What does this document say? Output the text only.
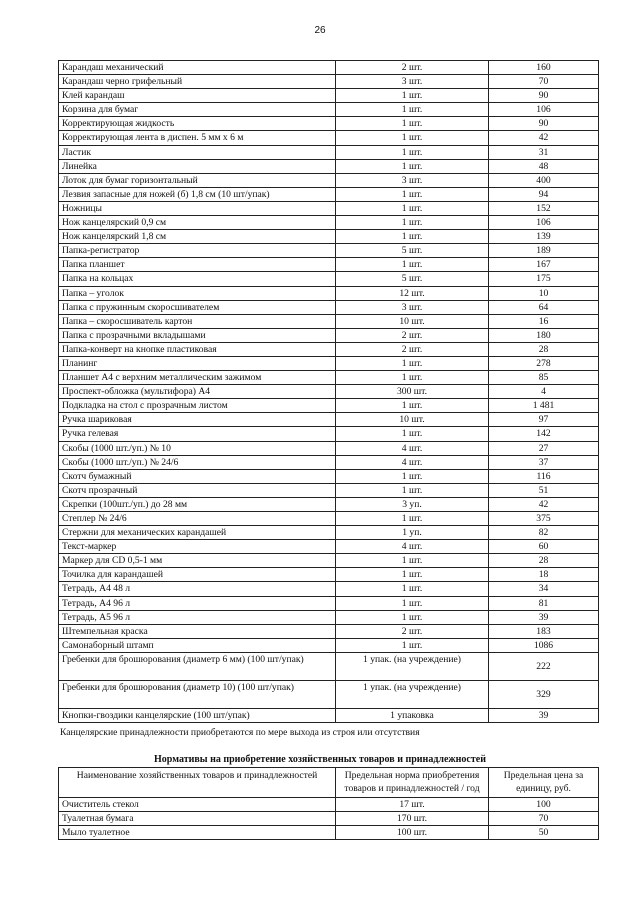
26
Карандаш механический	2 шт.	160
Карандаш черно грифельный	3 шт.	70
Клей карандаш	1 шт.	90
Корзина для бумаг	1 шт.	106
Корректирующая жидкость	1 шт.	90
Корректирующая лента в диспен. 5 мм х 6 м	1 шт.	42
Ластик	1 шт.	31
Линейка	1 шт.	48
Лоток для бумаг горизонтальный	3 шт.	400
Лезвия запасные для ножей (б) 1,8 см (10 шт/упак)	1 шт.	94
Ножницы	1 шт.	152
Нож канцелярский 0,9 см	1 шт.	106
Нож канцелярский 1,8 см	1 шт.	139
Папка-регистратор	5 шт.	189
Папка планшет	1 шт.	167
Папка на кольцах	5 шт.	175
Папка – уголок	12 шт.	10
Папка с пружинным скоросшивателем	3 шт.	64
Папка – скоросшиватель картон	10 шт.	16
Папка с прозрачными вкладышами	2 шт.	180
Папка-конверт на кнопке пластиковая	2 шт.	28
Планинг	1 шт.	278
Планшет А4 с верхним металлическим зажимом	1 шт.	85
Проспект-обложка (мультифора) А4	300 шт.	4
Подкладка на стол с прозрачным листом	1 шт.	1 481
Ручка шариковая	10 шт.	97
Ручка гелевая	1 шт.	142
Скобы (1000 шт./уп.) № 10	4 шт.	27
Скобы (1000 шт./уп.) № 24/6	4 шт.	37
Скотч бумажный	1 шт.	116
Скотч прозрачный	1 шт.	51
Скрепки (100шт./уп.) до 28 мм	3 уп.	42
Степлер № 24/6	1 шт.	375
Стержни для механических карандашей	1 уп.	82
Текст-маркер	4 шт.	60
Маркер для CD 0,5-1 мм	1 шт.	28
Точилка для карандашей	1 шт.	18
Тетрадь, А4 48 л	1 шт.	34
Тетрадь, А4 96 л	1 шт.	81
Тетрадь, А5 96 л	1 шт.	39
Штемпельная краска	2 шт.	183
Самонаборный штамп	1 шт.	1086
Гребенки для брошюрования (диаметр 6 мм) (100 шт/упак)	1 упак. (на учреждение)	222
Гребенки для брошюрования (диаметр 10) (100 шт/упак)	1 упак. (на учреждение)	329
Кнопки-гвоздики канцелярские (100 шт/упак)	1 упаковка	39
Канцелярские принадлежности приобретаются по мере выхода из строя или отсутствия
Нормативы на приобретение хозяйственных товаров и принадлежностей
Наименование хозяйственных товаров и принадлежностей	Предельная норма приобретения товаров и принадлежностей / год	Предельная цена за единицу, руб.
Очиститель стекол	17 шт.	100
Туалетная бумага	170 шт.	70
Мыло туалетное	100 шт.	50
